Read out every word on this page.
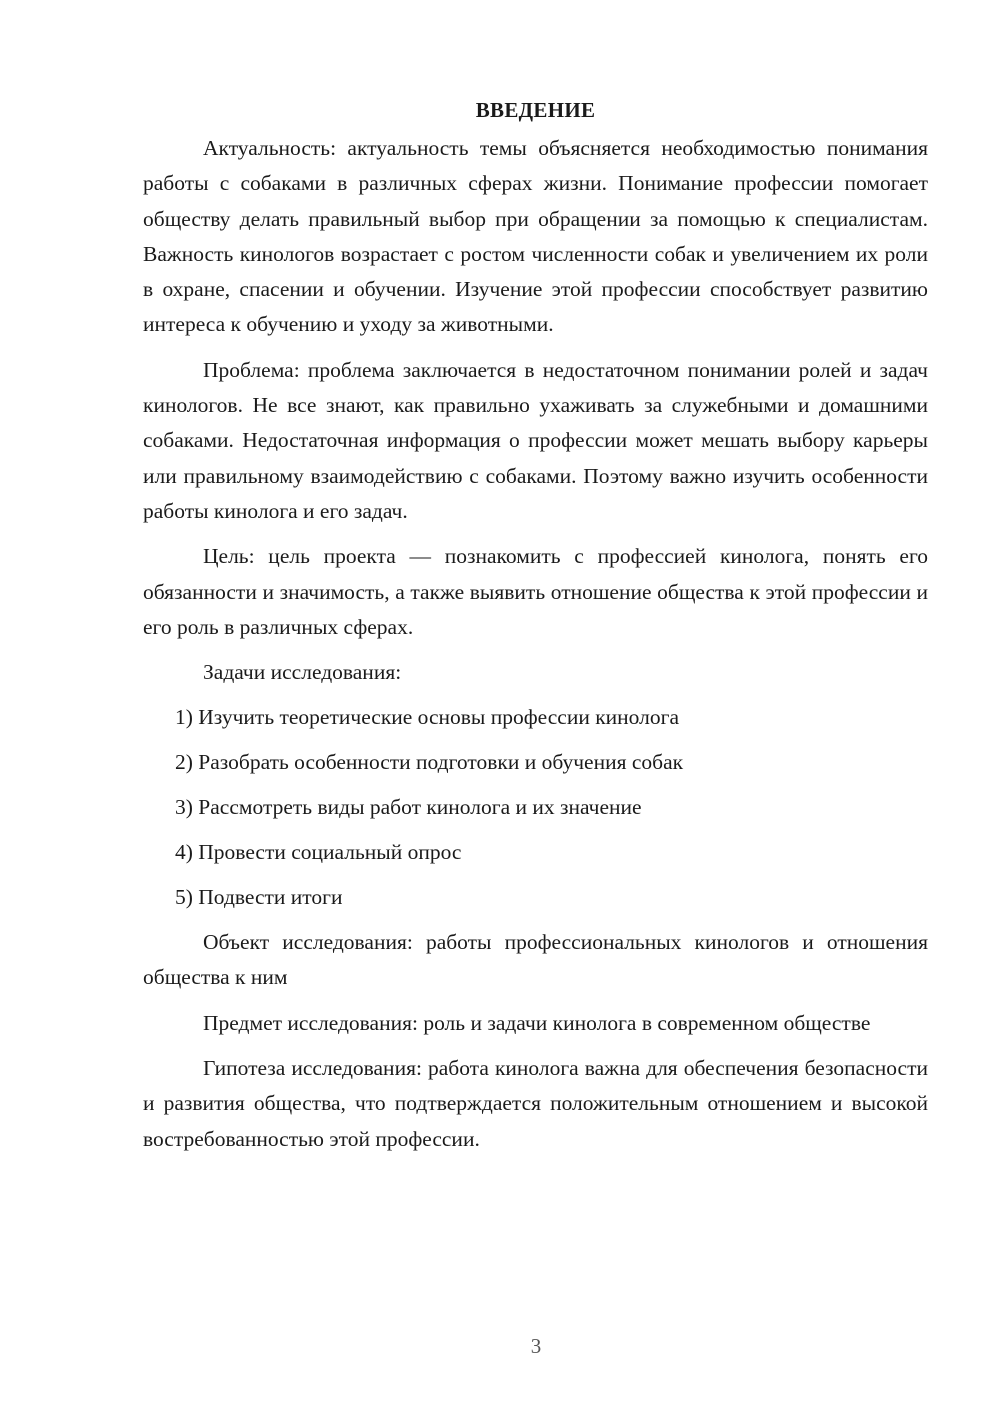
ВВЕДЕНИЕ

Актуальность: актуальность темы объясняется необходимостью понимания работы с собаками в различных сферах жизни. Понимание профессии помогает обществу делать правильный выбор при обращении за помощью к специалистам. Важность кинологов возрастает с ростом численности собак и увеличением их роли в охране, спасении и обучении. Изучение этой профессии способствует развитию интереса к обучению и уходу за животными.

Проблема: проблема заключается в недостаточном понимании ролей и задач кинологов. Не все знают, как правильно ухаживать за служебными и домашними собаками. Недостаточная информация о профессии может мешать выбору карьеры или правильному взаимодействию с собаками. Поэтому важно изучить особенности работы кинолога и его задач.

Цель: цель проекта — познакомить с профессией кинолога, понять его обязанности и значимость, а также выявить отношение общества к этой профессии и его роль в различных сферах.

Задачи исследования:

1) Изучить теоретические основы профессии кинолога
2) Разобрать особенности подготовки и обучения собак
3) Рассмотреть виды работ кинолога и их значение
4) Провести социальный опрос
5) Подвести итоги

Объект исследования: работы профессиональных кинологов и отношения общества к ним

Предмет исследования: роль и задачи кинолога в современном обществе

Гипотеза исследования: работа кинолога важна для обеспечения безопасности и развития общества, что подтверждается положительным отношением и высокой востребованностью этой профессии.

3
